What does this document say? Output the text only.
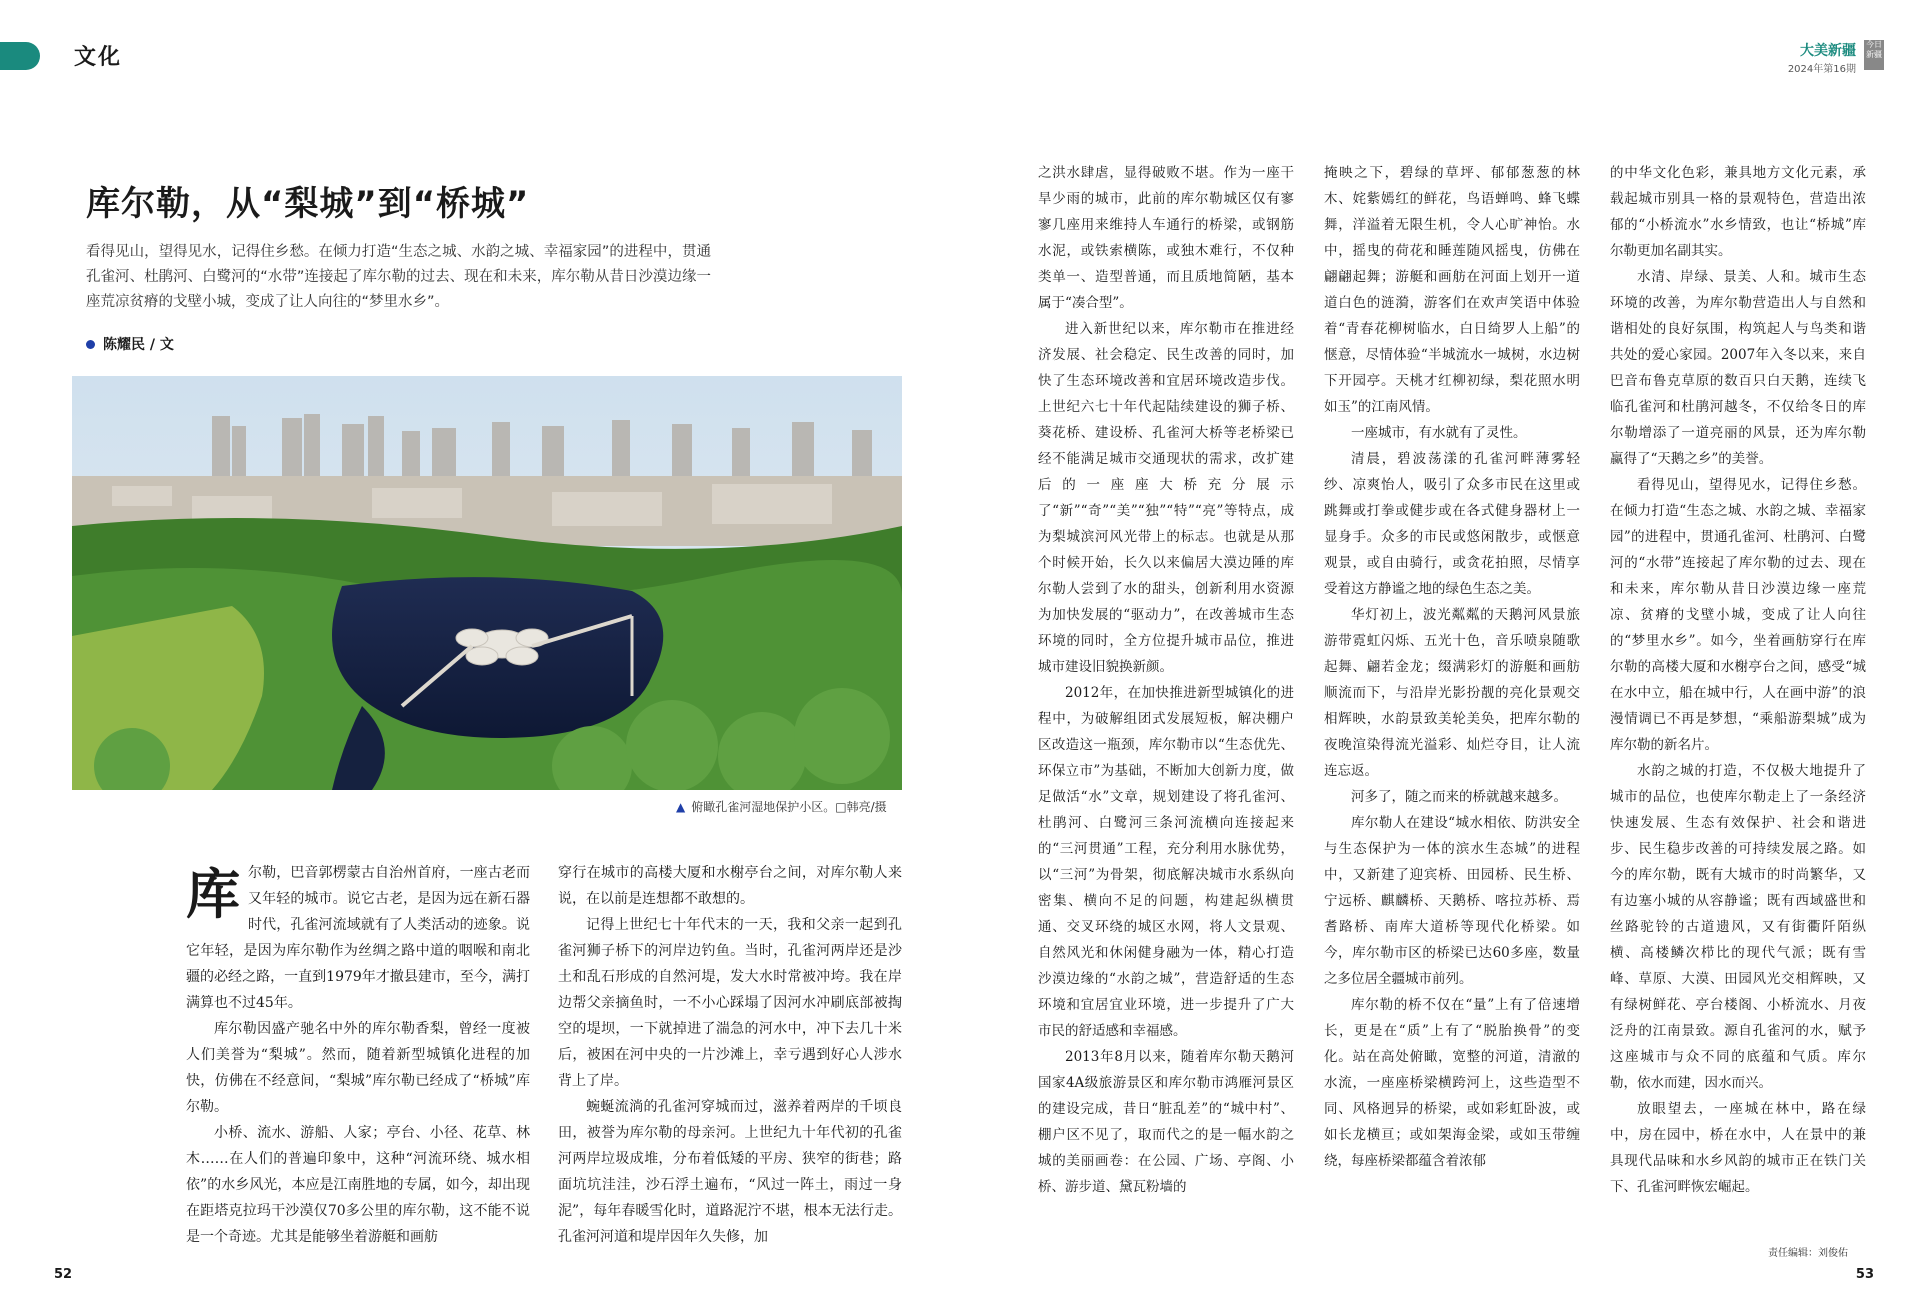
文化	大美新疆
2024年第16期
今日新疆
库尔勒，从“梨城”到“桥城”
看得见山，望得见水，记得住乡愁。在倾力打造“生态之城、水韵之城、幸福家园”的进程中，贯通孔雀河、杜鹃河、白鹭河的“水带”连接起了库尔勒的过去、现在和未来，库尔勒从昔日沙漠边缘一座荒凉贫瘠的戈壁小城，变成了让人向往的“梦里水乡”。
陈耀民 / 文
▲ 俯瞰孔雀河湿地保护小区。□韩亮/摄
库 尔勒，巴音郭楞蒙古自治州首府，一座古老而又年轻的城市。说它古老，是因为远在新石器时代，孔雀河流域就有了人类活动的迹象。说它年轻，是因为库尔勒作为丝绸之路中道的咽喉和南北疆的必经之路，一直到1979年才撤县建市，至今，满打满算也不过45年。

库尔勒因盛产驰名中外的库尔勒香梨，曾经一度被人们美誉为“梨城”。然而，随着新型城镇化进程的加快，仿佛在不经意间，“梨城”库尔勒已经成了“桥城”库尔勒。

小桥、流水、游船、人家；亭台、小径、花草、林木……在人们的普遍印象中，这种“河流环绕、城水相依”的水乡风光，本应是江南胜地的专属，如今，却出现在距塔克拉玛干沙漠仅70多公里的库尔勒，这不能不说是一个奇迹。尤其是能够坐着游艇和画舫

穿行在城市的高楼大厦和水榭亭台之间，对库尔勒人来说，在以前是连想都不敢想的。

记得上世纪七十年代末的一天，我和父亲一起到孔雀河狮子桥下的河岸边钓鱼。当时，孔雀河两岸还是沙土和乱石形成的自然河堤，发大水时常被冲垮。我在岸边帮父亲摘鱼时，一不小心踩塌了因河水冲刷底部被掏空的堤坝，一下就掉进了湍急的河水中，冲下去几十米后，被困在河中央的一片沙滩上，幸亏遇到好心人涉水背上了岸。

蜿蜒流淌的孔雀河穿城而过，滋养着两岸的千顷良田，被誉为库尔勒的母亲河。上世纪九十年代初的孔雀河两岸垃圾成堆，分布着低矮的平房、狭窄的街巷；路面坑坑洼洼，沙石浮土遍布，“风过一阵土，雨过一身泥”，每年春暖雪化时，道路泥泞不堪，根本无法行走。孔雀河河道和堤岸因年久失修，加

之洪水肆虐，显得破败不堪。作为一座干旱少雨的城市，此前的库尔勒城区仅有寥寥几座用来维持人车通行的桥梁，或钢筋水泥，或铁索横陈，或独木难行，不仅种类单一、造型普通，而且质地简陋，基本属于“凑合型”。

进入新世纪以来，库尔勒市在推进经济发展、社会稳定、民生改善的同时，加快了生态环境改善和宜居环境改造步伐。上世纪六七十年代起陆续建设的狮子桥、葵花桥、建设桥、孔雀河大桥等老桥梁已经不能满足城市交通现状的需求，改扩建后的一座座大桥充分展示了“新”“奇”“美”“独”“特”“亮”等特点，成为梨城滨河风光带上的标志。也就是从那个时候开始，长久以来偏居大漠边陲的库尔勒人尝到了水的甜头，创新利用水资源为加快发展的“驱动力”，在改善城市生态环境的同时，全方位提升城市品位，推进城市建设旧貌换新颜。

2012年，在加快推进新型城镇化的进程中，为破解组团式发展短板，解决棚户区改造这一瓶颈，库尔勒市以“生态优先、环保立市”为基础，不断加大创新力度，做足做活“水”文章，规划建设了将孔雀河、杜鹃河、白鹭河三条河流横向连接起来的“三河贯通”工程，充分利用水脉优势，以“三河”为骨架，彻底解决城市水系纵向密集、横向不足的问题，构建起纵横贯通、交叉环绕的城区水网，将人文景观、自然风光和休闲健身融为一体，精心打造沙漠边缘的“水韵之城”，营造舒适的生态环境和宜居宜业环境，进一步提升了广大市民的舒适感和幸福感。

2013年8月以来，随着库尔勒天鹅河国家4A级旅游景区和库尔勒市鸿雁河景区的建设完成，昔日“脏乱差”的“城中村”、棚户区不见了，取而代之的是一幅水韵之城的美丽画卷：在公园、广场、亭阁、小桥、游步道、黛瓦粉墙的

掩映之下，碧绿的草坪、郁郁葱葱的林木、姹紫嫣红的鲜花，鸟语蝉鸣、蜂飞蝶舞，洋溢着无限生机，令人心旷神怡。水中，摇曳的荷花和睡莲随风摇曳，仿佛在翩翩起舞；游艇和画舫在河面上划开一道道白色的涟漪，游客们在欢声笑语中体验着“青春花柳树临水，白日绮罗人上船”的惬意，尽情体验“半城流水一城树，水边树下开园亭。天桃才红柳初绿，梨花照水明如玉”的江南风情。

一座城市，有水就有了灵性。

清晨，碧波荡漾的孔雀河畔薄雾轻纱、凉爽怡人，吸引了众多市民在这里或跳舞或打拳或健步或在各式健身器材上一显身手。众多的市民或悠闲散步，或惬意观景，或自由骑行，或贪花拍照，尽情享受着这方静谧之地的绿色生态之美。

华灯初上，波光粼粼的天鹅河风景旅游带霓虹闪烁、五光十色，音乐喷泉随歌起舞、翩若金龙；缀满彩灯的游艇和画舫顺流而下，与沿岸光影扮靓的亮化景观交相辉映，水韵景致美轮美奂，把库尔勒的夜晚渲染得流光溢彩、灿烂夺目，让人流连忘返。

河多了，随之而来的桥就越来越多。

库尔勒人在建设“城水相依、防洪安全与生态保护为一体的滨水生态城”的进程中，又新建了迎宾桥、田园桥、民生桥、宁远桥、麒麟桥、天鹅桥、喀拉苏桥、焉耆路桥、南库大道桥等现代化桥梁。如今，库尔勒市区的桥梁已达60多座，数量之多位居全疆城市前列。

库尔勒的桥不仅在“量”上有了倍速增长，更是在“质”上有了“脱胎换骨”的变化。站在高处俯瞰，宽整的河道，清澈的水流，一座座桥梁横跨河上，这些造型不同、风格迥异的桥梁，或如彩虹卧波，或如长龙横亘；或如架海金梁，或如玉带缠绕，每座桥梁都蕴含着浓郁

的中华文化色彩，兼具地方文化元素，承载起城市别具一格的景观特色，营造出浓郁的“小桥流水”水乡情致，也让“桥城”库尔勒更加名副其实。

水清、岸绿、景美、人和。城市生态环境的改善，为库尔勒营造出人与自然和谐相处的良好氛围，构筑起人与鸟类和谐共处的爱心家园。2007年入冬以来，来自巴音布鲁克草原的数百只白天鹅，连续飞临孔雀河和杜鹃河越冬，不仅给冬日的库尔勒增添了一道亮丽的风景，还为库尔勒赢得了“天鹅之乡”的美誉。

看得见山，望得见水，记得住乡愁。在倾力打造“生态之城、水韵之城、幸福家园”的进程中，贯通孔雀河、杜鹃河、白鹭河的“水带”连接起了库尔勒的过去、现在和未来，库尔勒从昔日沙漠边缘一座荒凉、贫瘠的戈壁小城，变成了让人向往的“梦里水乡”。如今，坐着画舫穿行在库尔勒的高楼大厦和水榭亭台之间，感受“城在水中立，船在城中行，人在画中游”的浪漫情调已不再是梦想，“乘船游梨城”成为库尔勒的新名片。

水韵之城的打造，不仅极大地提升了城市的品位，也使库尔勒走上了一条经济快速发展、生态有效保护、社会和谐进步、民生稳步改善的可持续发展之路。如今的库尔勒，既有大城市的时尚繁华，又有边塞小城的从容静谧；既有西域盛世和丝路驼铃的古道遗风，又有街衢阡陌纵横、高楼鳞次栉比的现代气派；既有雪峰、草原、大漠、田园风光交相辉映，又有绿树鲜花、亭台楼阁、小桥流水、月夜泛舟的江南景致。源自孔雀河的水，赋予这座城市与众不同的底蕴和气质。库尔勒，依水而建，因水而兴。

放眼望去，一座城在林中，路在绿中，房在园中，桥在水中，人在景中的兼具现代品味和水乡风韵的城市正在铁门关下、孔雀河畔恢宏崛起。

52	53
责任编辑：刘俊佑
